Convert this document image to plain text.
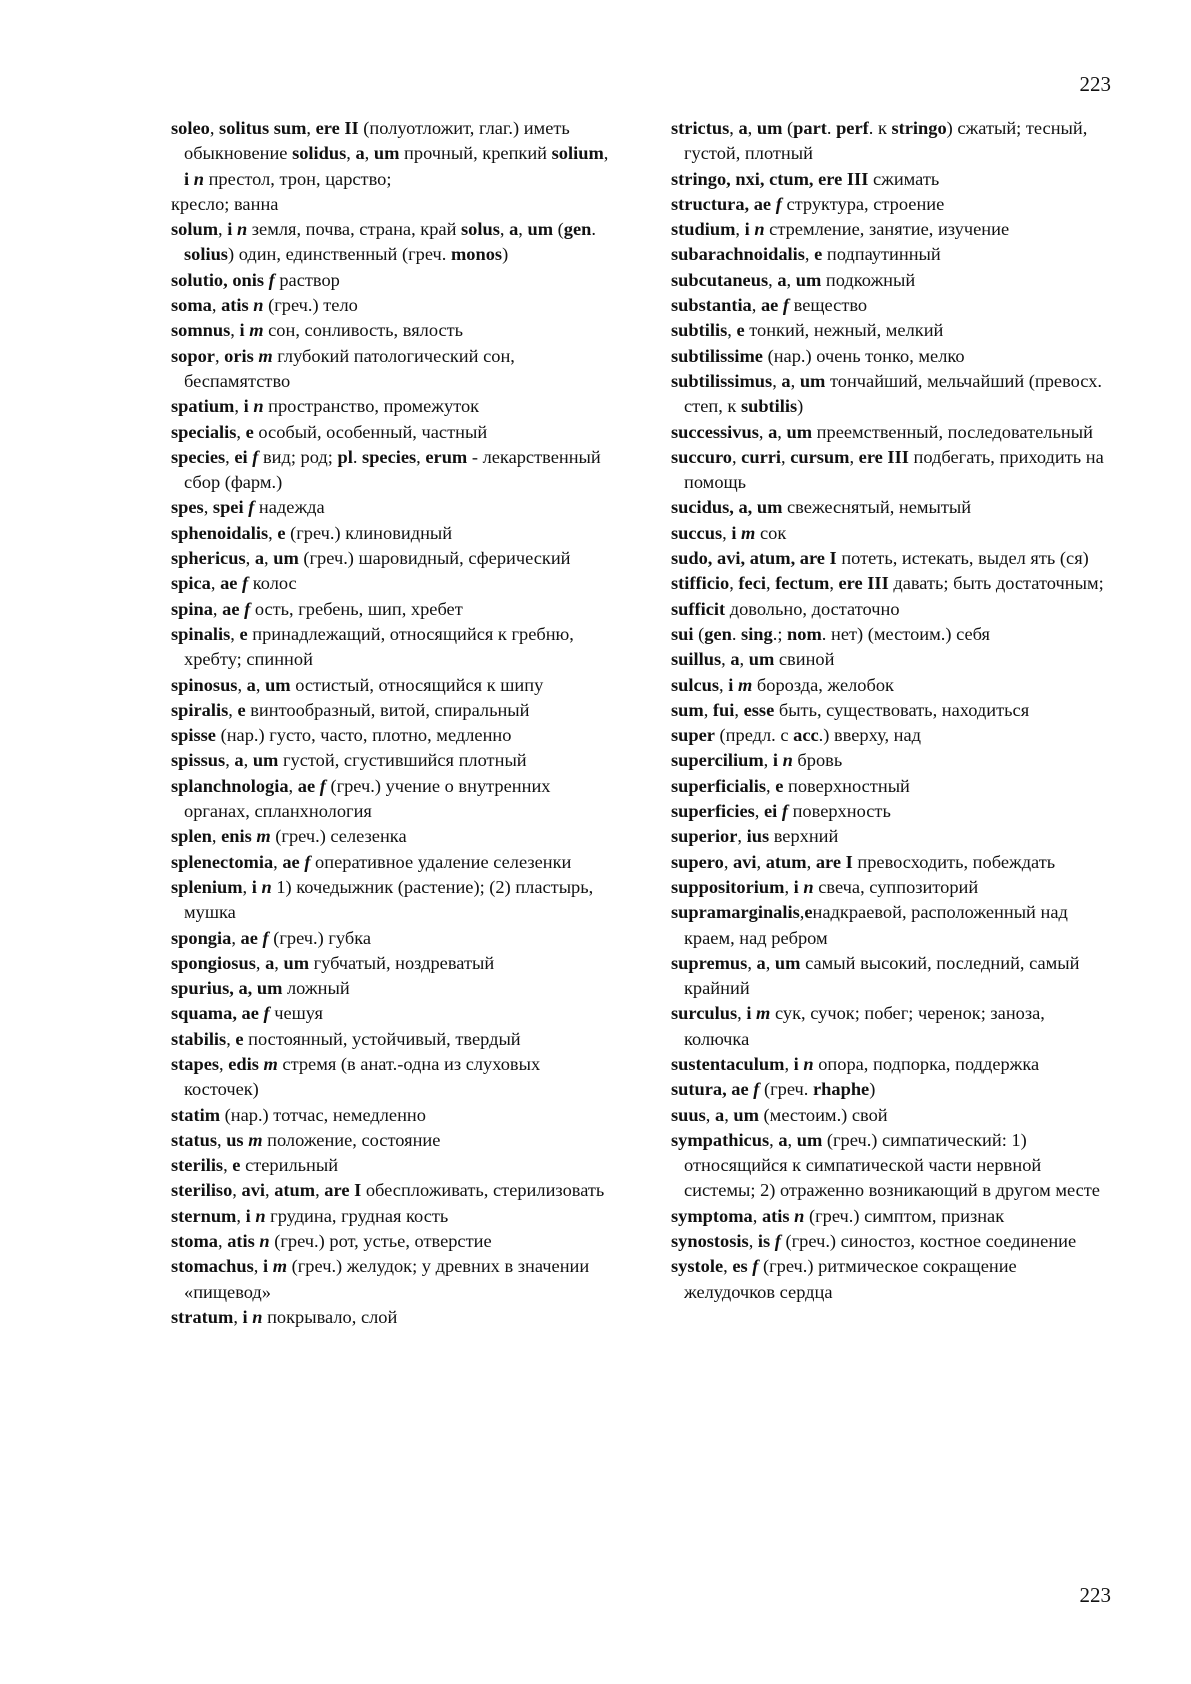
223

soleo, solitus sum, ere II (полуотложит, глаг.) иметь обыкновение solidus, a, um прочный, крепкий solium, i n престол, трон, царство;

кресло; ванна

solum, i n земля, почва, страна, край solus, a, um (gen. solius) один, единственный (греч. monos)

solutio, onis f раствор

soma, atis n (греч.) тело

somnus, i m сон, сонливость, вялость

sopor, oris m глубокий патологический сон, беспамятство

spatium, i n пространство, промежуток

specialis, e особый, особенный, частный

species, ei f вид; род; pl. species, erum - лекарственный сбор (фарм.)

spes, spei f надежда

sphenoidalis, e (греч.) клиновидный

sphericus, a, um (греч.) шаровидный, сферический

spica, ae f колос

spina, ae f ость, гребень, шип, хребет

spinalis, e принадлежащий, относящийся к гребню, хребту; спинной

spinosus, a, um остистый, относящийся к шипу

spiralis, e винтообразный, витой, спиральный

spisse (нар.) густо, часто, плотно, медленно

spissus, a, um густой, сгустившийся плотный

splanchnologia, ae f (греч.) учение о внутренних органах, спланхнология

splen, enis m (греч.) селезенка

splenectomia, ae f оперативное удаление селезенки

splenium, i n 1) кочедыжник (растение); (2) пластырь, мушка

spongia, ae f (греч.) губка

spongiosus, a, um губчатый, ноздреватый

spurius, a, um ложный

squama, ae f чешуя

stabilis, e постоянный, устойчивый, твердый

stapes, edis m стремя (в анат.-одна из слуховых косточек)

statim (нар.) тотчас, немедленно

status, us m положение, состояние

sterilis, e стерильный

steriliso, avi, atum, are I обеспложивать, стерилизовать

sternum, i n грудина, грудная кость

stoma, atis n (греч.) рот, устье, отверстие

stomachus, i m (греч.) желудок; у древних в значении «пищевод»

stratum, i n покрывало, слой

strictus, a, um (part. perf. к stringo) сжатый; тесный, густой, плотный

stringo, nxi, ctum, ere III сжимать

structura, ae f структура, строение

studium, i n стремление, занятие, изучение

subarachnoidalis, e подпаутинный

subcutaneus, a, um подкожный

substantia, ae f вещество

subtilis, e тонкий, нежный, мелкий

subtilissime (нар.) очень тонко, мелко

subtilissimus, a, um тончайший, мельчайший (превосх. степ, к subtilis)

successivus, a, um преемственный, последовательный

succuro, curri, cursum, ere III подбегать, приходить на помощь

sucidus, a, um свежеснятый, немытый

succus, i m сок

sudo, avi, atum, are I потеть, истекать, выдел ять (ся)

stifficio, feci, fectum, ere III давать; быть достаточным;

sufficit довольно, достаточно

sui (gen. sing.; nom. нет) (местоим.) себя

suillus, a, um свиной

sulcus, i m борозда, желобок

sum, fui, esse быть, существовать, находиться

super (предл. с acc.) вверху, над

supercilium, i n бровь

superficialis, e поверхностный

superficies, ei f поверхность

superior, ius верхний

supero, avi, atum, are I превосходить, побеждать

suppositorium, i n свеча, суппозиторий

supramarginalis,eнадкраевой, расположенный над краем, над ребром

supremus, a, um самый высокий, последний, самый крайний

surculus, i m сук, сучок; побег; черенок; заноза, колючка

sustentaculum, i n опора, подпорка, поддержка

sutura, ae f (греч. rhaphe)

suus, a, um (местоим.) свой

sympathicus, a, um (греч.) симпатический: 1) относящийся к симпатической части нервной системы; 2) отраженно возникающий в другом месте

symptoma, atis n (греч.) симптом, признак

synostosis, is f (греч.) синостоз, костное соединение

systole, es f (греч.) ритмическое сокращение желудочков сердца

223
